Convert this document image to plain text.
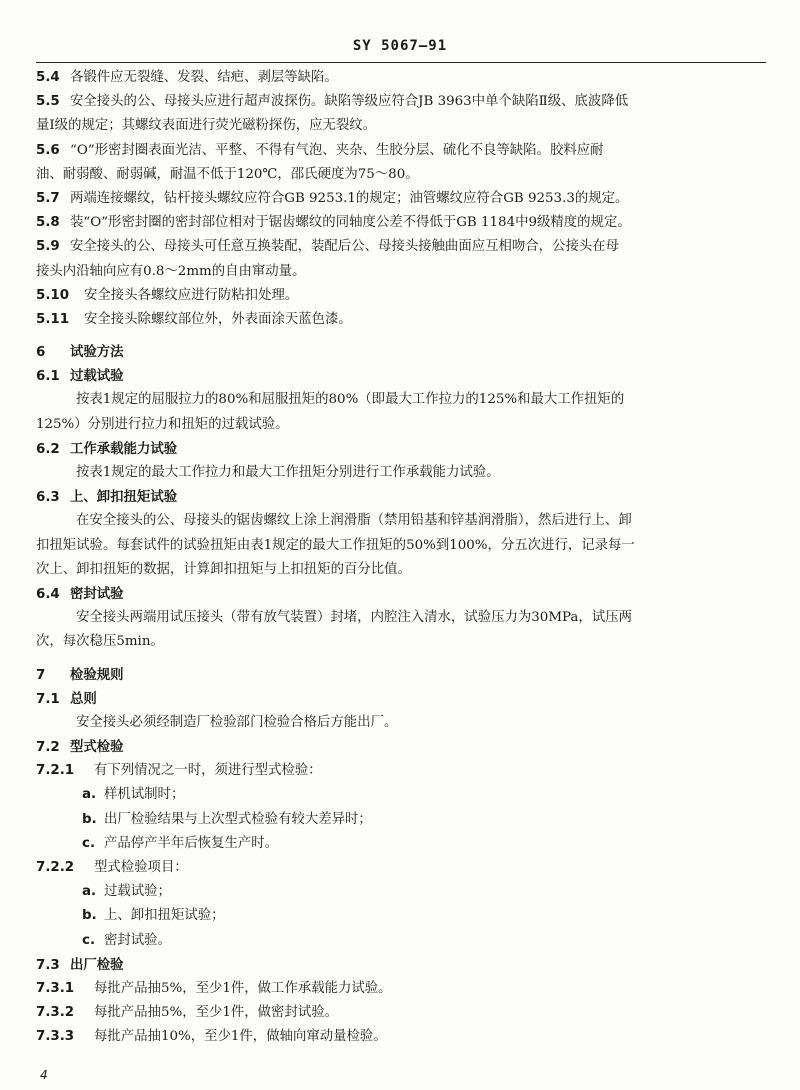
SY 5067—91
5.4 各锻件应无裂缝、发裂、结疤、剥层等缺陷。
5.5 安全接头的公、母接头应进行超声波探伤。缺陷等级应符合JB 3963中单个缺陷Ⅱ级、底波降低
量Ⅰ级的规定；其螺纹表面进行荧光磁粉探伤，应无裂纹。
5.6 “O”形密封圈表面光洁、平整、不得有气泡、夹杂、生胶分层、硫化不良等缺陷。胶料应耐
油、耐弱酸、耐弱碱，耐温不低于120℃，邵氏硬度为75～80。
5.7 两端连接螺纹，钻杆接头螺纹应符合GB 9253.1的规定；油管螺纹应符合GB 9253.3的规定。
5.8 装“O”形密封圈的密封部位相对于锯齿螺纹的同轴度公差不得低于GB 1184中9级精度的规定。
5.9 安全接头的公、母接头可任意互换装配，装配后公、母接头接触曲面应互相吻合，公接头在母
接头内沿轴向应有0.8～2mm的自由窜动量。
5.10 安全接头各螺纹应进行防粘扣处理。
5.11 安全接头除螺纹部位外，外表面涂天蓝色漆。
6 试验方法
6.1 过载试验
按表1规定的屈服拉力的80%和屈服扭矩的80%（即最大工作拉力的125%和最大工作扭矩的
125%）分别进行拉力和扭矩的过载试验。
6.2 工作承载能力试验
按表1规定的最大工作拉力和最大工作扭矩分别进行工作承载能力试验。
6.3 上、卸扣扭矩试验
在安全接头的公、母接头的锯齿螺纹上涂上润滑脂（禁用铅基和锌基润滑脂），然后进行上、卸
扣扭矩试验。每套试件的试验扭矩由表1规定的最大工作扭矩的50%到100%，分五次进行，记录每一
次上、卸扣扭矩的数据，计算卸扣扭矩与上扣扭矩的百分比值。
6.4 密封试验
安全接头两端用试压接头（带有放气装置）封堵，内腔注入清水，试验压力为30MPa，试压两
次，每次稳压5min。
7 检验规则
7.1 总则
安全接头必须经制造厂检验部门检验合格后方能出厂。
7.2 型式检验
7.2.1 有下列情况之一时，须进行型式检验：
a. 样机试制时；
b. 出厂检验结果与上次型式检验有较大差异时；
c. 产品停产半年后恢复生产时。
7.2.2 型式检验项目：
a. 过载试验；
b. 上、卸扣扭矩试验；
c. 密封试验。
7.3 出厂检验
7.3.1 每批产品抽5%，至少1件，做工作承载能力试验。
7.3.2 每批产品抽5%，至少1件，做密封试验。
7.3.3 每批产品抽10%，至少1件，做轴向窜动量检验。
4
